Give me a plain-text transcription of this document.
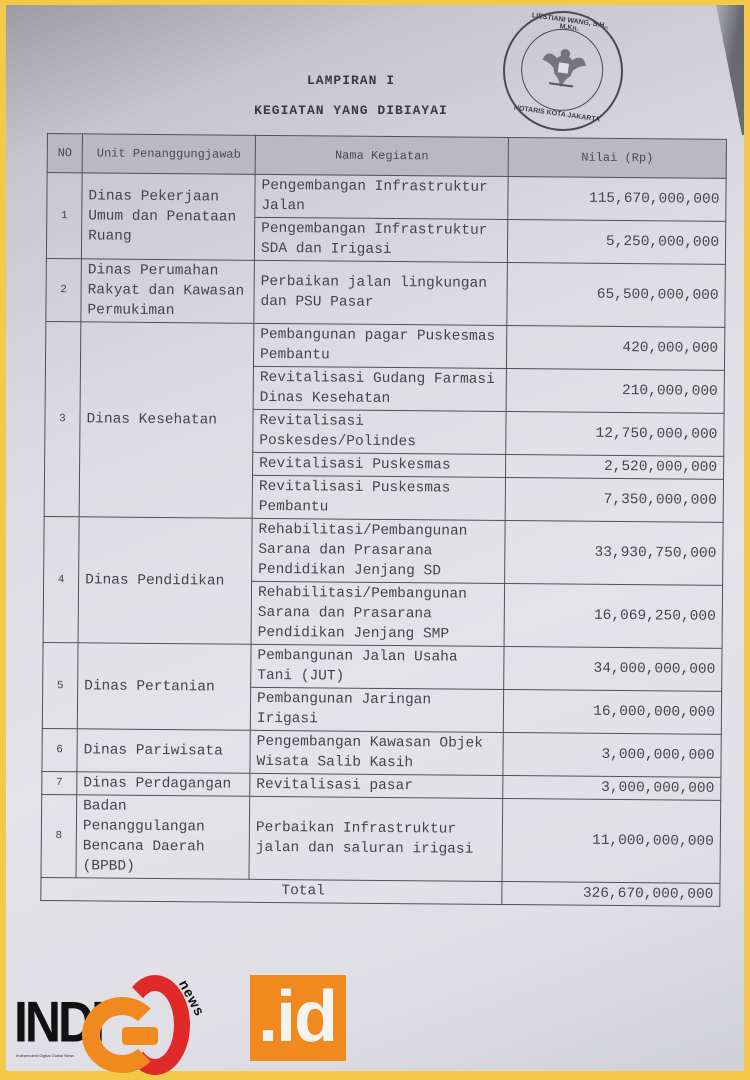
LIESTIANI WANG, S.H., M.Kn.
NOTARIS KOTA JAKARTA
LAMPIRAN I
KEGIATAN YANG DIBIAYAI
NO	Unit Penanggungjawab	Nama Kegiatan	Nilai (Rp)
1	Dinas Pekerjaan Umum dan Penataan Ruang	Pengembangan Infrastruktur Jalan	115,670,000,000
		Pengembangan Infrastruktur SDA dan Irigasi	5,250,000,000
2	Dinas Perumahan Rakyat dan Kawasan Permukiman	Perbaikan jalan lingkungan dan PSU Pasar	65,500,000,000
3	Dinas Kesehatan	Pembangunan pagar Puskesmas Pembantu	420,000,000
		Revitalisasi Gudang Farmasi Dinas Kesehatan	210,000,000
		Revitalisasi Poskesdes/Polindes	12,750,000,000
		Revitalisasi Puskesmas	2,520,000,000
		Revitalisasi Puskesmas Pembantu	7,350,000,000
4	Dinas Pendidikan	Rehabilitasi/Pembangunan Sarana dan Prasarana Pendidikan Jenjang SD	33,930,750,000
		Rehabilitasi/Pembangunan Sarana dan Prasarana Pendidikan Jenjang SMP	16,069,250,000
5	Dinas Pertanian	Pembangunan Jalan Usaha Tani (JUT)	34,000,000,000
		Pembangunan Jaringan Irigasi	16,000,000,000
6	Dinas Pariwisata	Pengembangan Kawasan Objek Wisata Salib Kasih	3,000,000,000
7	Dinas Perdagangan	Revitalisasi pasar	3,000,000,000
8	Badan Penanggulangan Bencana Daerah (BPBD)	Perbaikan Infrastruktur jalan dan saluran irigasi	11,000,000,000
Total			326,670,000,000
INDI
Independent Digital Global News
news .id
